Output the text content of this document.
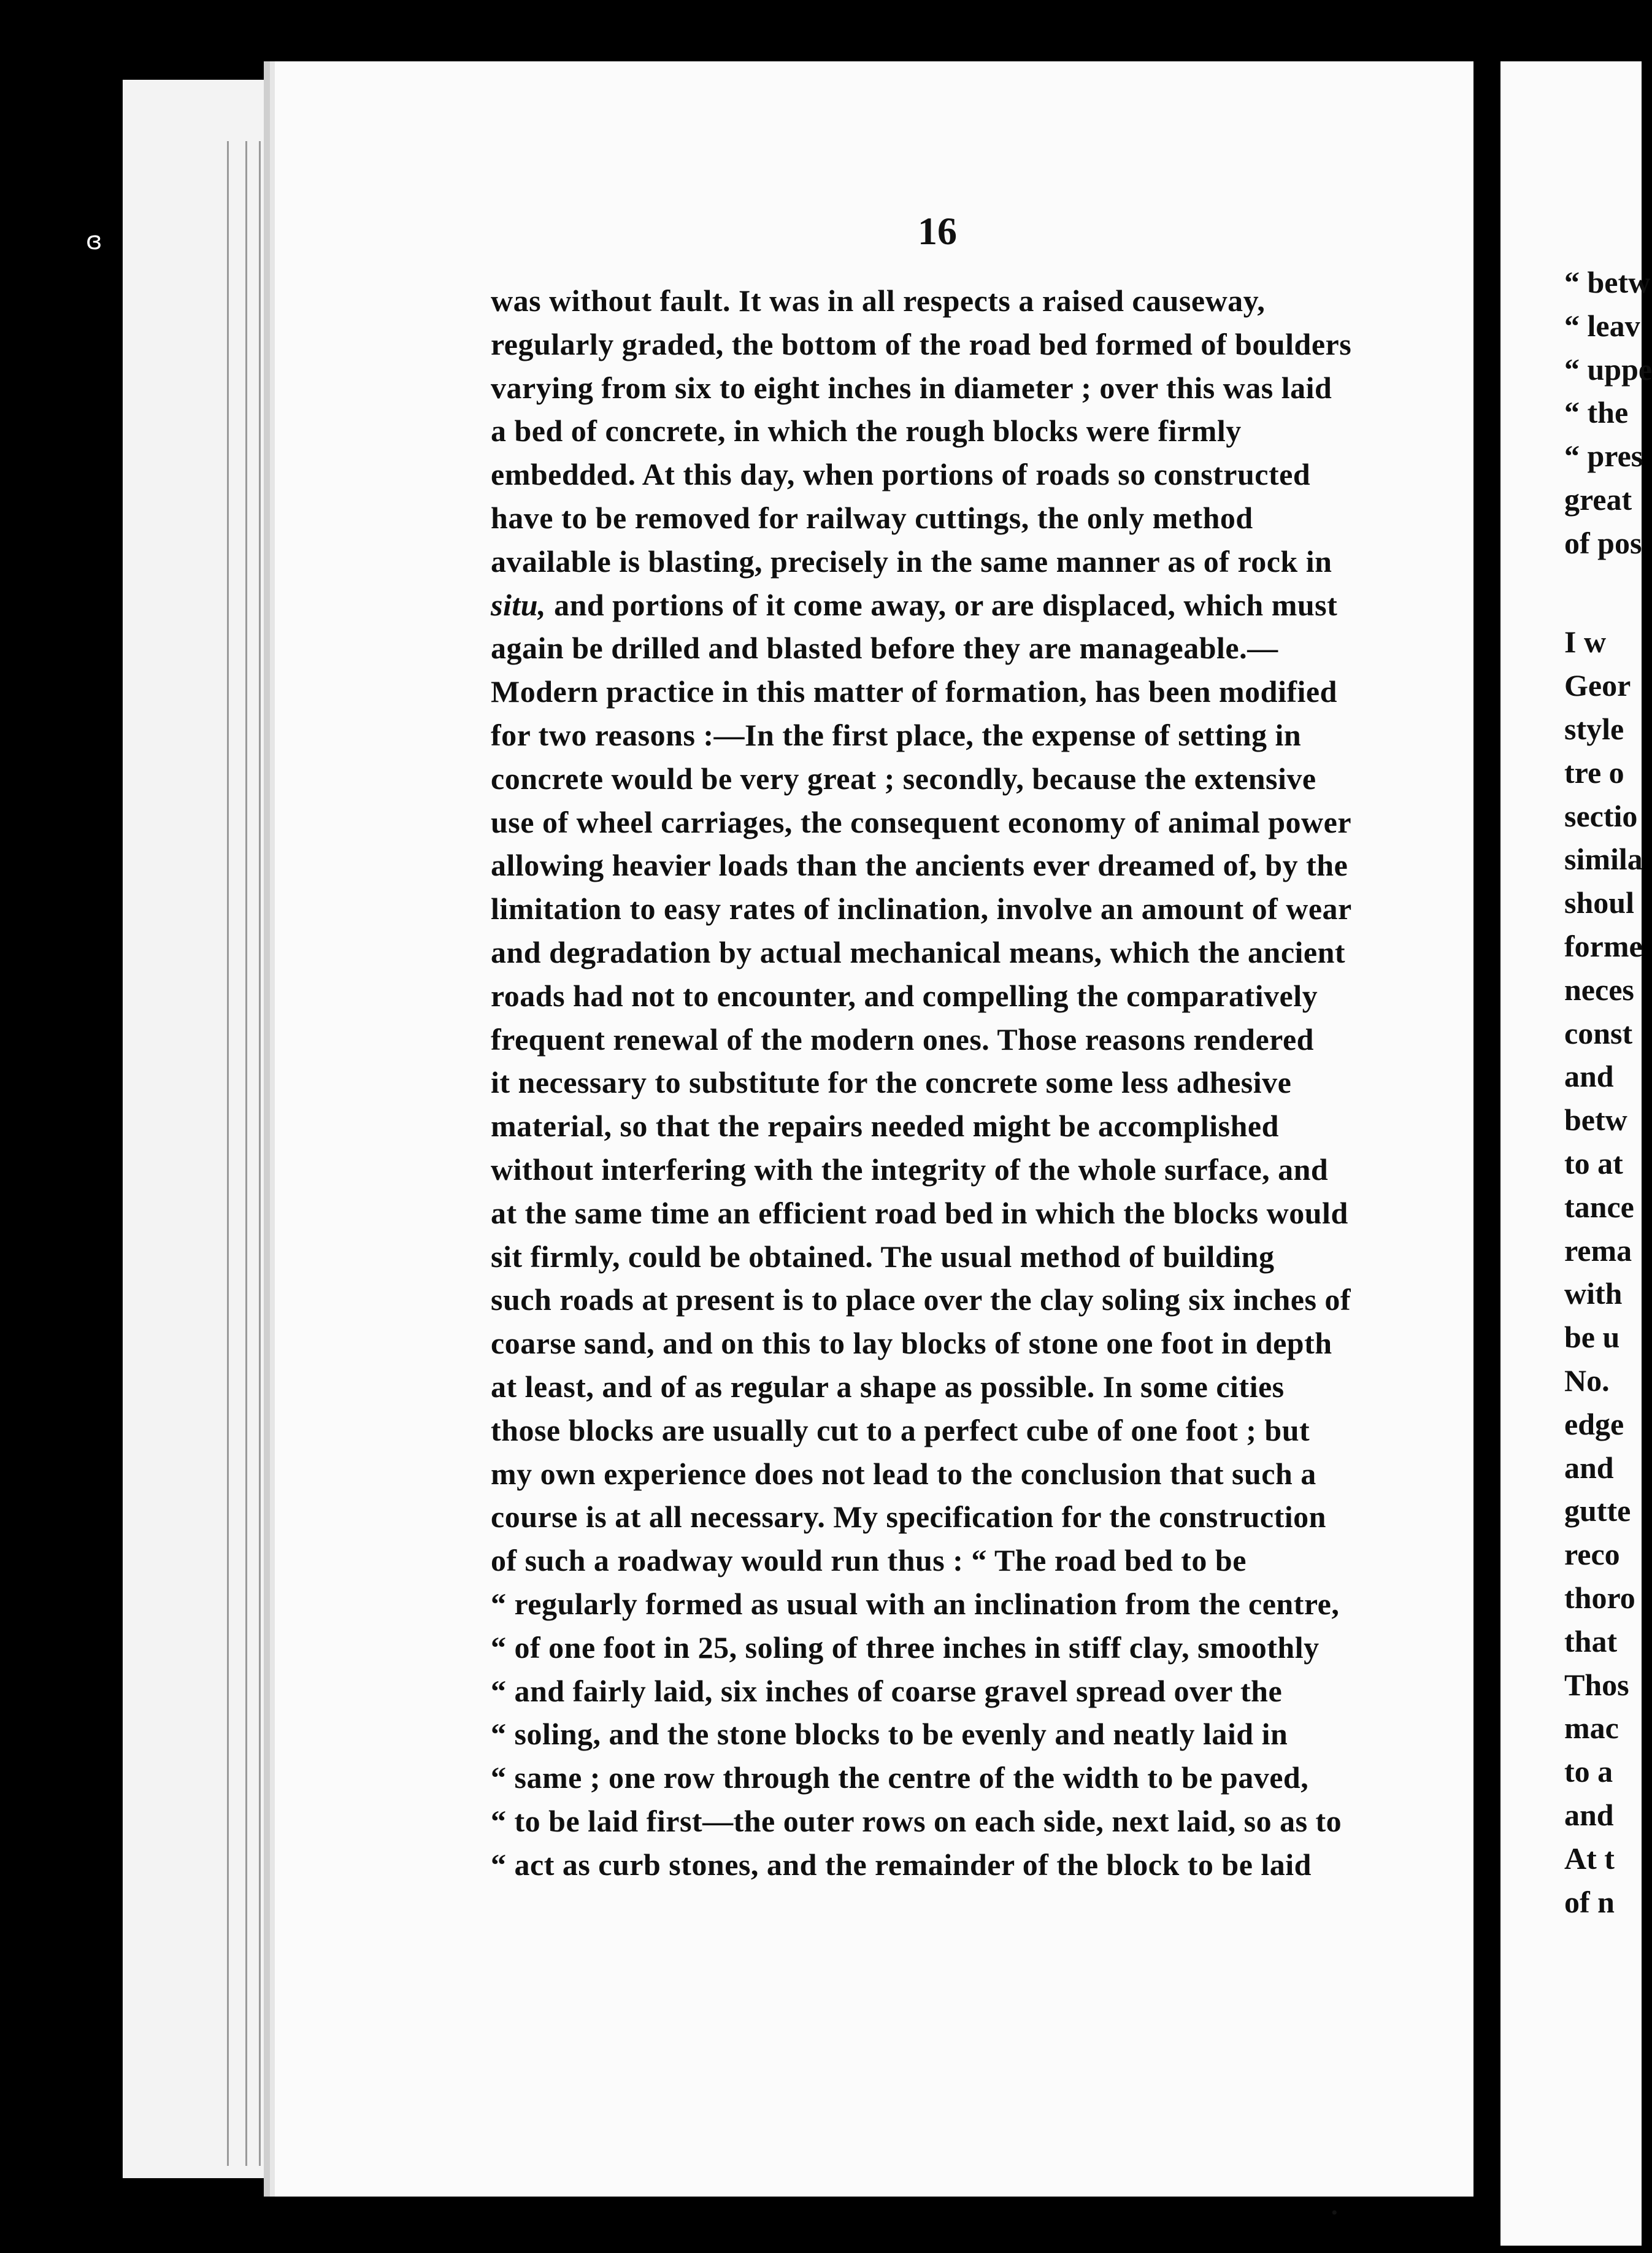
ɞ	16
was without fault. It was in all respects a raised causeway,
regularly graded, the bottom of the road bed formed of boulders
varying from six to eight inches in diameter ; over this was laid
a bed of concrete, in which the rough blocks were firmly
embedded. At this day, when portions of roads so constructed
have to be removed for railway cuttings, the only method
available is blasting, precisely in the same manner as of rock in
situ, and portions of it come away, or are displaced, which must
again be drilled and blasted before they are manageable.—
Modern practice in this matter of formation, has been modified
for two reasons :—In the first place, the expense of setting in
concrete would be very great ; secondly, because the extensive
use of wheel carriages, the consequent economy of animal power
allowing heavier loads than the ancients ever dreamed of, by the
limitation to easy rates of inclination, involve an amount of wear
and degradation by actual mechanical means, which the ancient
roads had not to encounter, and compelling the comparatively
frequent renewal of the modern ones. Those reasons rendered
it necessary to substitute for the concrete some less adhesive
material, so that the repairs needed might be accomplished
without interfering with the integrity of the whole surface, and
at the same time an efficient road bed in which the blocks would
sit firmly, could be obtained. The usual method of building
such roads at present is to place over the clay soling six inches of
coarse sand, and on this to lay blocks of stone one foot in depth
at least, and of as regular a shape as possible. In some cities
those blocks are usually cut to a perfect cube of one foot ; but
my own experience does not lead to the conclusion that such a
course is at all necessary. My specification for the construction
of such a roadway would run thus : “ The road bed to be
“ regularly formed as usual with an inclination from the centre,
“ of one foot in 25, soling of three inches in stiff clay, smoothly
“ and fairly laid, six inches of coarse gravel spread over the
“ soling, and the stone blocks to be evenly and neatly laid in
“ same ; one row through the centre of the width to be paved,
“ to be laid first—the outer rows on each side, next laid, so as to
“ act as curb stones, and the remainder of the block to be laid
“ betw
“ leav
“ uppe
“ the
“ pres
great
of pos
I w
Geor
style
tre o
sectio
simila
shoul
forme
neces
const
and
betw
to at
tance
rema
with
be u
No.
edge
and
gutte
reco
thoro
that
Thos
mac
to a
and
At t
of n
•
